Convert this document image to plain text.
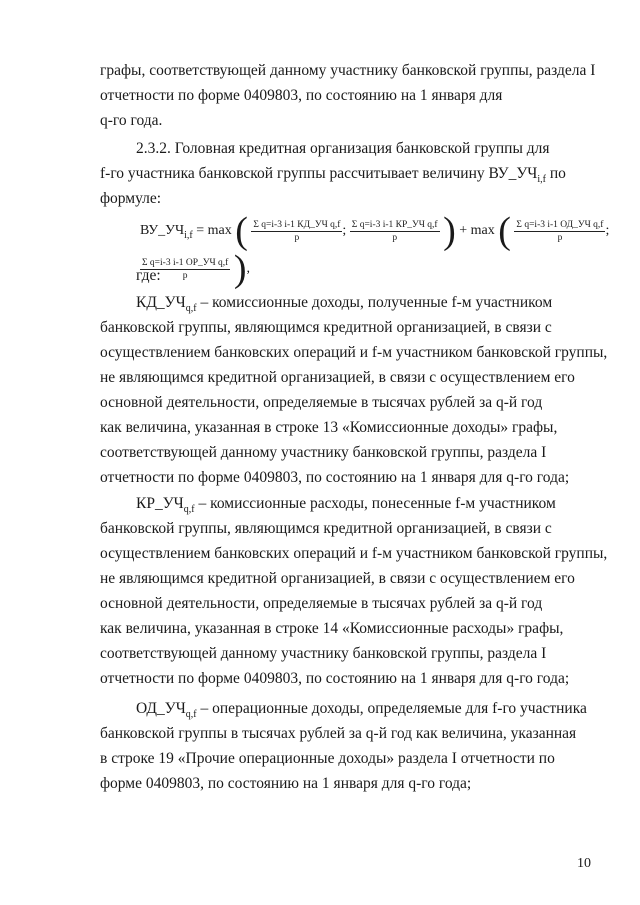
графы, соответствующей данному участнику банковской группы, раздела I
отчетности по форме 0409803, по состоянию на 1 января для
q-го года.
2.3.2. Головная кредитная организация банковской группы для
f-го участника банковской группы рассчитывает величину $ВУ\_УЧ_{i,f}$ по
формуле:
$ВУ\_УЧ_{i,f} = \max$ ( $\frac{\text{Σ q=i-3 i-1 КД\_УЧ q,f}}{p}$ ; $\frac{\text{Σ q=i-3 i-1 КР\_УЧ q,f}}{p}$ ) + max ( $\frac{\text{Σ q=i-3 i-1 ОД\_УЧ q,f}}{p}$ ;
$\frac{\text{Σ q=i-3 i-1 ОР\_УЧ q,f}}{p}$ ),
где:
$КД\_УЧ_{q,f}$ – комиссионные доходы, полученные f-м участником
банковской группы, являющимся кредитной организацией, в связи с
осуществлением банковских операций и f-м участником банковской группы,
не являющимся кредитной организацией, в связи с осуществлением его
основной деятельности, определяемые в тысячах рублей за q-й год
как величина, указанная в строке 13 «Комиссионные доходы» графы,
соответствующей данному участнику банковской группы, раздела I
отчетности по форме 0409803, по состоянию на 1 января для q-го года;
$КР\_УЧ_{q,f}$ – комиссионные расходы, понесенные f-м участником
банковской группы, являющимся кредитной организацией, в связи с
осуществлением банковских операций и f-м участником банковской группы,
не являющимся кредитной организацией, в связи с осуществлением его
основной деятельности, определяемые в тысячах рублей за q-й год
как величина, указанная в строке 14 «Комиссионные расходы» графы,
соответствующей данному участнику банковской группы, раздела I
отчетности по форме 0409803, по состоянию на 1 января для q-го года;
$ОД\_УЧ_{q,f}$ – операционные доходы, определяемые для f-го участника
банковской группы в тысячах рублей за q-й год как величина, указанная
в строке 19 «Прочие операционные доходы» раздела I отчетности по
форме 0409803, по состоянию на 1 января для q-го года;
10
